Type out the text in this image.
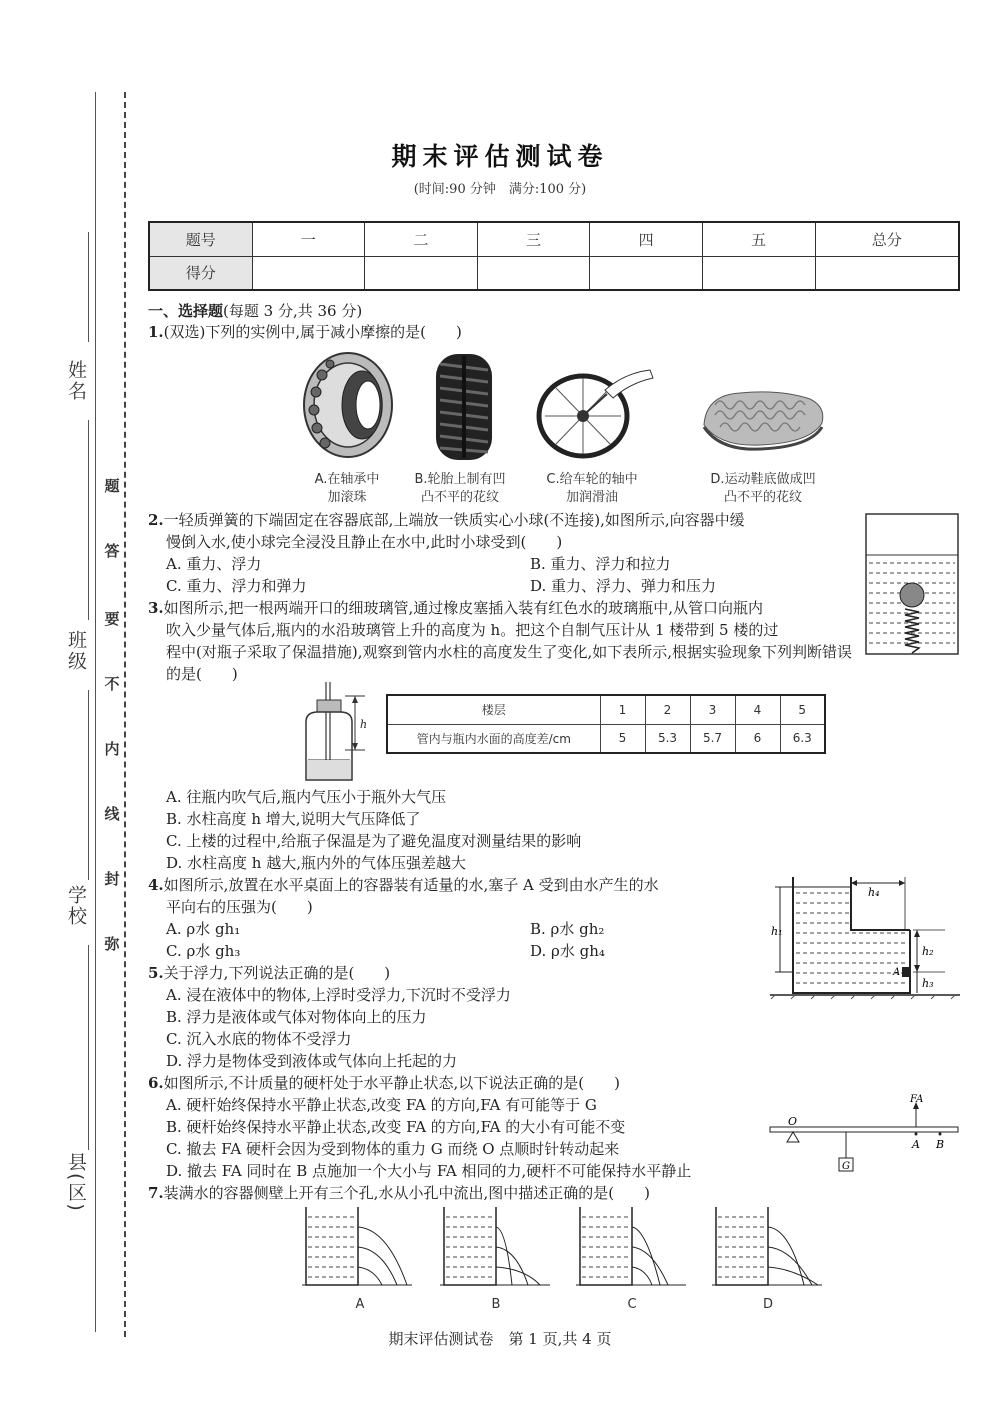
姓名
班级
学校
县(区)
题
答
要
不
内
线
封
弥
期末评估测试卷
(时间:90 分钟　满分:100 分)
题号	一	二	三	四	五	总分
得分						
一、选择题(每题 3 分,共 36 分)
1.(双选)下列的实例中,属于减小摩擦的是(　　)
A.在轴承中
加滚珠
B.轮胎上制有凹
凸不平的花纹
C.给车轮的轴中
加润滑油
D.运动鞋底做成凹
凸不平的花纹
2.一轻质弹簧的下端固定在容器底部,上端放一铁质实心小球(不连接),如图所示,向容器中缓
慢倒入水,使小球完全浸没且静止在水中,此时小球受到(　　)
A. 重力、浮力	B. 重力、浮力和拉力
C. 重力、浮力和弹力	D. 重力、浮力、弹力和压力
3.如图所示,把一根两端开口的细玻璃管,通过橡皮塞插入装有红色水的玻璃瓶中,从管口向瓶内
吹入少量气体后,瓶内的水沿玻璃管上升的高度为 h。把这个自制气压计从 1 楼带到 5 楼的过
程中(对瓶子采取了保温措施),观察到管内水柱的高度发生了变化,如下表所示,根据实验现象下列判断错误
的是(　　)
h
楼层	1	2	3	4	5
管内与瓶内水面的高度差/cm	5	5.3	5.7	6	6.3
A. 往瓶内吹气后,瓶内气压小于瓶外大气压
B. 水柱高度 h 增大,说明大气压降低了
C. 上楼的过程中,给瓶子保温是为了避免温度对测量结果的影响
D. 水柱高度 h 越大,瓶内外的气体压强差越大
4.如图所示,放置在水平桌面上的容器装有适量的水,塞子 A 受到由水产生的水
平向右的压强为(　　)
A. ρ水 gh₁	B. ρ水 gh₂
C. ρ水 gh₃	D. ρ水 gh₄
h₁
h₄
h₂
h₃
A
5.关于浮力,下列说法正确的是(　　)
A. 浸在液体中的物体,上浮时受浮力,下沉时不受浮力
B. 浮力是液体或气体对物体向上的压力
C. 沉入水底的物体不受浮力
D. 浮力是物体受到液体或气体向上托起的力
6.如图所示,不计质量的硬杆处于水平静止状态,以下说法正确的是(　　)
A. 硬杆始终保持水平静止状态,改变 FA 的方向,FA 有可能等于 G
B. 硬杆始终保持水平静止状态,改变 FA 的方向,FA 的大小有可能不变
C. 撤去 FA 硬杆会因为受到物体的重力 G 而绕 O 点顺时针转动起来
D. 撤去 FA 同时在 B 点施加一个大小与 FA 相同的力,硬杆不可能保持水平静止
O
G
FA
A B
7.装满水的容器侧壁上开有三个孔,水从小孔中流出,图中描述正确的是(　　)
A	B	C	D
期末评估测试卷　第 1 页,共 4 页
